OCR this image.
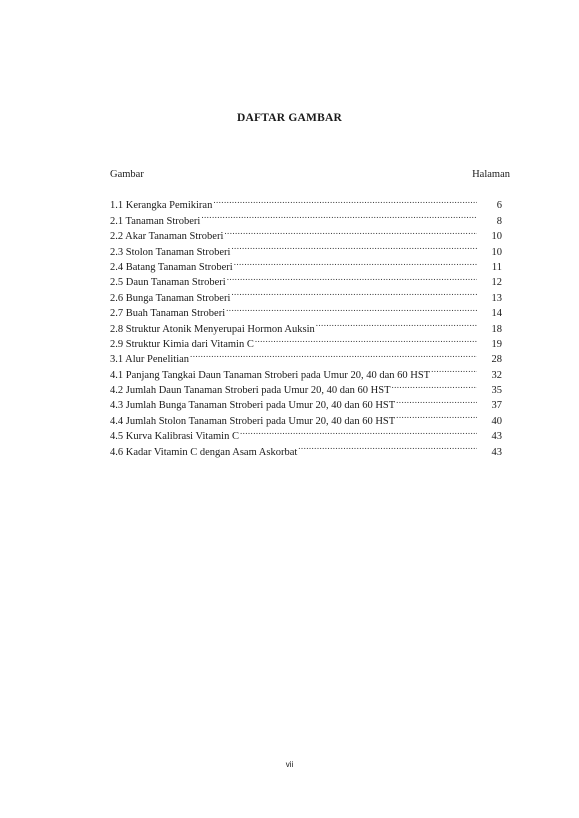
DAFTAR GAMBAR
Gambar	Halaman
1.1 Kerangka Pemikiran .....	6
2.1 Tanaman Stroberi .....	8
2.2 Akar Tanaman Stroberi .....	10
2.3 Stolon Tanaman Stroberi .....	10
2.4 Batang Tanaman Stroberi .....	11
2.5 Daun Tanaman Stroberi .....	12
2.6 Bunga Tanaman Stroberi .....	13
2.7 Buah Tanaman Stroberi .....	14
2.8 Struktur Atonik Menyerupai Hormon Auksin .....	18
2.9 Struktur Kimia dari Vitamin C .....	19
3.1 Alur Penelitian .....	28
4.1 Panjang Tangkai Daun Tanaman Stroberi pada Umur 20, 40 dan 60 HST .....	32
4.2 Jumlah Daun Tanaman Stroberi pada Umur 20, 40 dan 60 HST .....	35
4.3 Jumlah Bunga Tanaman Stroberi pada Umur 20, 40 dan 60 HST .....	37
4.4 Jumlah Stolon Tanaman Stroberi pada Umur 20, 40 dan 60 HST .....	40
4.5 Kurva Kalibrasi Vitamin C .....	43
4.6 Kadar Vitamin C dengan Asam Askorbat .....	43
vii
